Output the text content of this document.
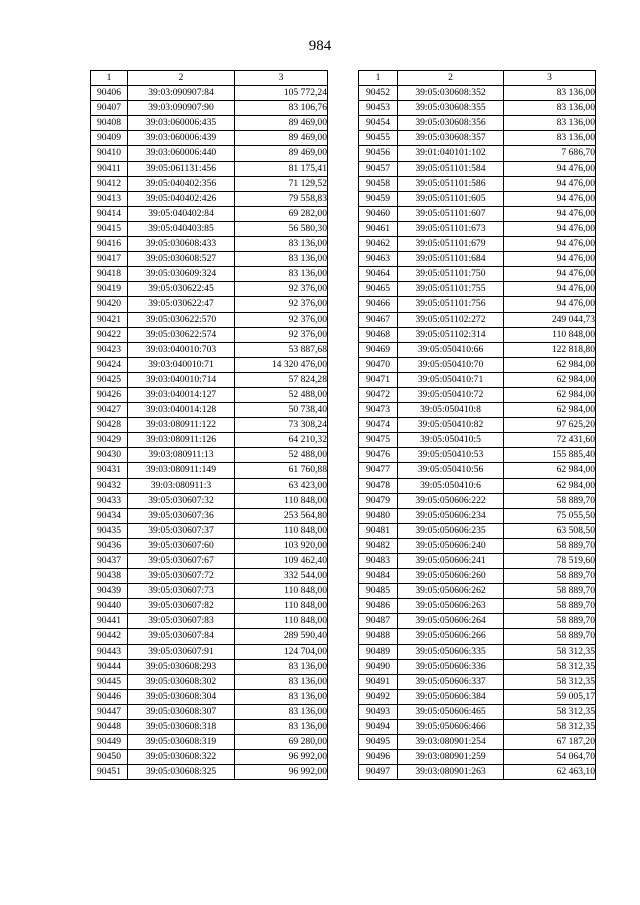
984
1	2	3
90406	39:03:090907:84	105 772,24
90407	39:03:090907:90	83 106,76
90408	39:03:060006:435	89 469,00
90409	39:03:060006:439	89 469,00
90410	39:03:060006:440	89 469,00
90411	39:05:061131:456	81 175,41
90412	39:05:040402:356	71 129,52
90413	39:05:040402:426	79 558,83
90414	39:05:040402:84	69 282,00
90415	39:05:040403:85	56 580,30
90416	39:05:030608:433	83 136,00
90417	39:05:030608:527	83 136,00
90418	39:05:030609:324	83 136,00
90419	39:05:030622:45	92 376,00
90420	39:05:030622:47	92 376,00
90421	39:05:030622:570	92 376,00
90422	39:05:030622:574	92 376,00
90423	39:03:040010:703	53 887,68
90424	39:03:040010:71	14 320 476,00
90425	39:03:040010:714	57 824,28
90426	39:03:040014:127	52 488,00
90427	39:03:040014:128	50 738,40
90428	39:03:080911:122	73 308,24
90429	39:03:080911:126	64 210,32
90430	39:03:080911:13	52 488,00
90431	39:03:080911:149	61 760,88
90432	39:03:080911:3	63 423,00
90433	39:05:030607:32	110 848,00
90434	39:05:030607:36	253 564,80
90435	39:05:030607:37	110 848,00
90436	39:05:030607:60	103 920,00
90437	39:05:030607:67	109 462,40
90438	39:05:030607:72	332 544,00
90439	39:05:030607:73	110 848,00
90440	39:05:030607:82	110 848,00
90441	39:05:030607:83	110 848,00
90442	39:05:030607:84	289 590,40
90443	39:05:030607:91	124 704,00
90444	39:05:030608:293	83 136,00
90445	39:05:030608:302	83 136,00
90446	39:05:030608:304	83 136,00
90447	39:05:030608:307	83 136,00
90448	39:05:030608:318	83 136,00
90449	39:05:030608:319	69 280,00
90450	39:05:030608:322	96 992,00
90451	39:05:030608:325	96 992,00
1	2	3
90452	39:05:030608:352	83 136,00
90453	39:05:030608:355	83 136,00
90454	39:05:030608:356	83 136,00
90455	39:05:030608:357	83 136,00
90456	39:01:040101:102	7 686,70
90457	39:05:051101:584	94 476,00
90458	39:05:051101:586	94 476,00
90459	39:05:051101:605	94 476,00
90460	39:05:051101:607	94 476,00
90461	39:05:051101:673	94 476,00
90462	39:05:051101:679	94 476,00
90463	39:05:051101:684	94 476,00
90464	39:05:051101:750	94 476,00
90465	39:05:051101:755	94 476,00
90466	39:05:051101:756	94 476,00
90467	39:05:051102:272	249 044,73
90468	39:05:051102:314	110 848,00
90469	39:05:050410:66	122 818,80
90470	39:05:050410:70	62 984,00
90471	39:05:050410:71	62 984,00
90472	39:05:050410:72	62 984,00
90473	39:05:050410:8	62 984,00
90474	39:05:050410:82	97 625,20
90475	39:05:050410:5	72 431,60
90476	39:05:050410:53	155 885,40
90477	39:05:050410:56	62 984,00
90478	39:05:050410:6	62 984,00
90479	39:05:050606:222	58 889,70
90480	39:05:050606:234	75 055,50
90481	39:05:050606:235	63 508,50
90482	39:05:050606:240	58 889,70
90483	39:05:050606:241	78 519,60
90484	39:05:050606:260	58 889,70
90485	39:05:050606:262	58 889,70
90486	39:05:050606:263	58 889,70
90487	39:05:050606:264	58 889,70
90488	39:05:050606:266	58 889,70
90489	39:05:050606:335	58 312,35
90490	39:05:050606:336	58 312,35
90491	39:05:050606:337	58 312,35
90492	39:05:050606:384	59 005,17
90493	39:05:050606:465	58 312,35
90494	39:05:050606:466	58 312,35
90495	39:03:080901:254	67 187,20
90496	39:03:080901:259	54 064,70
90497	39:03:080901:263	62 463,10
